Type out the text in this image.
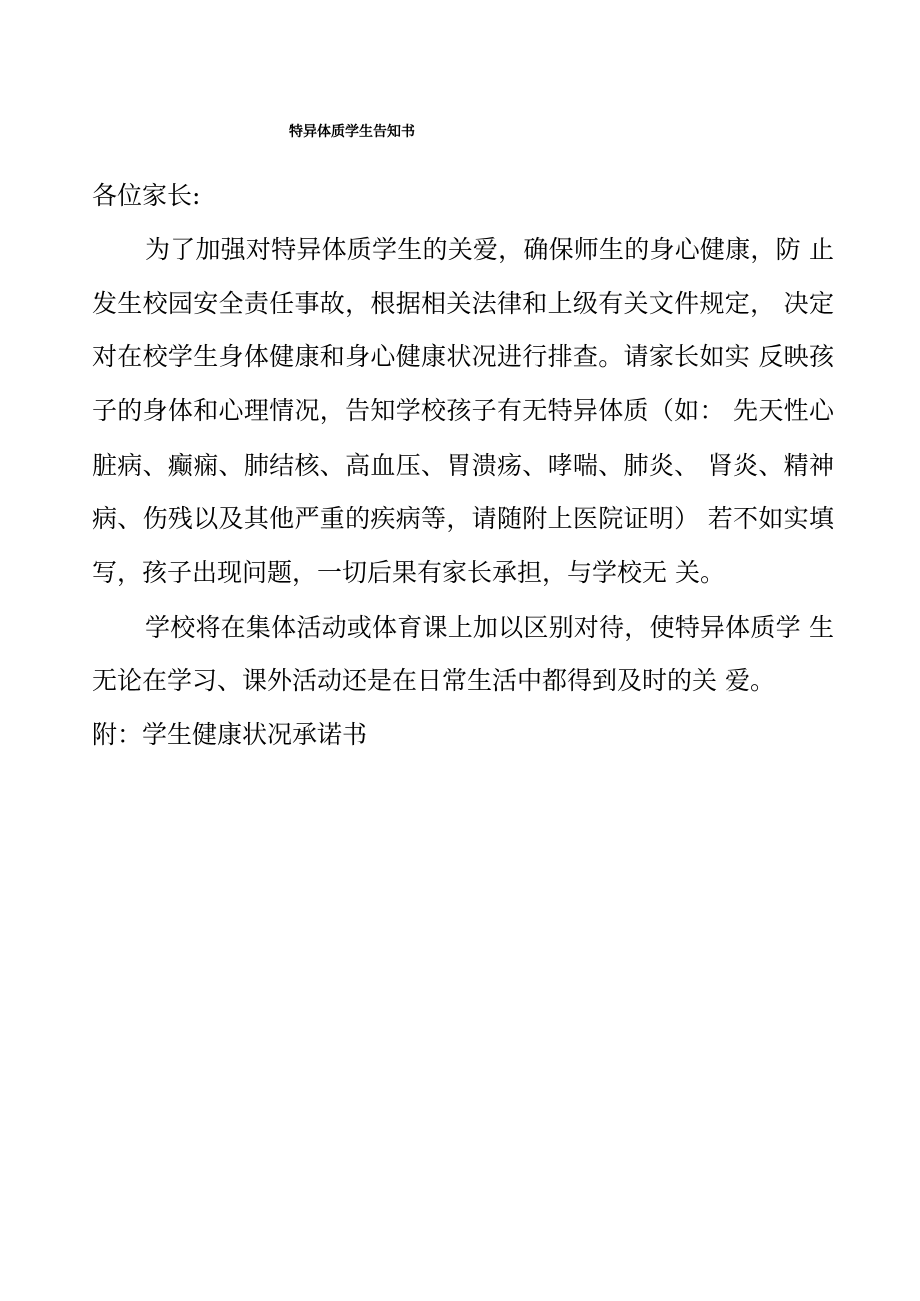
特异体质学生告知书
各位家长:
为了加强对特异体质学生的关爱，确保师生的身心健康，防 止
发生校园安全责任事故，根据相关法律和上级有关文件规定， 决定
对在校学生身体健康和身心健康状况进行排查。请家长如实 反映孩
子的身体和心理情况，告知学校孩子有无特异体质（如： 先天性心
脏病、癫痫、肺结核、高血压、胃溃疡、哮喘、肺炎、 肾炎、精神
病、伤残以及其他严重的疾病等，请随附上医院证明） 若不如实填
写，孩子出现问题，一切后果有家长承担，与学校无 关。
学校将在集体活动或体育课上加以区别对待，使特异体质学 生
无论在学习、课外活动还是在日常生活中都得到及时的关 爱。
附：学生健康状况承诺书
